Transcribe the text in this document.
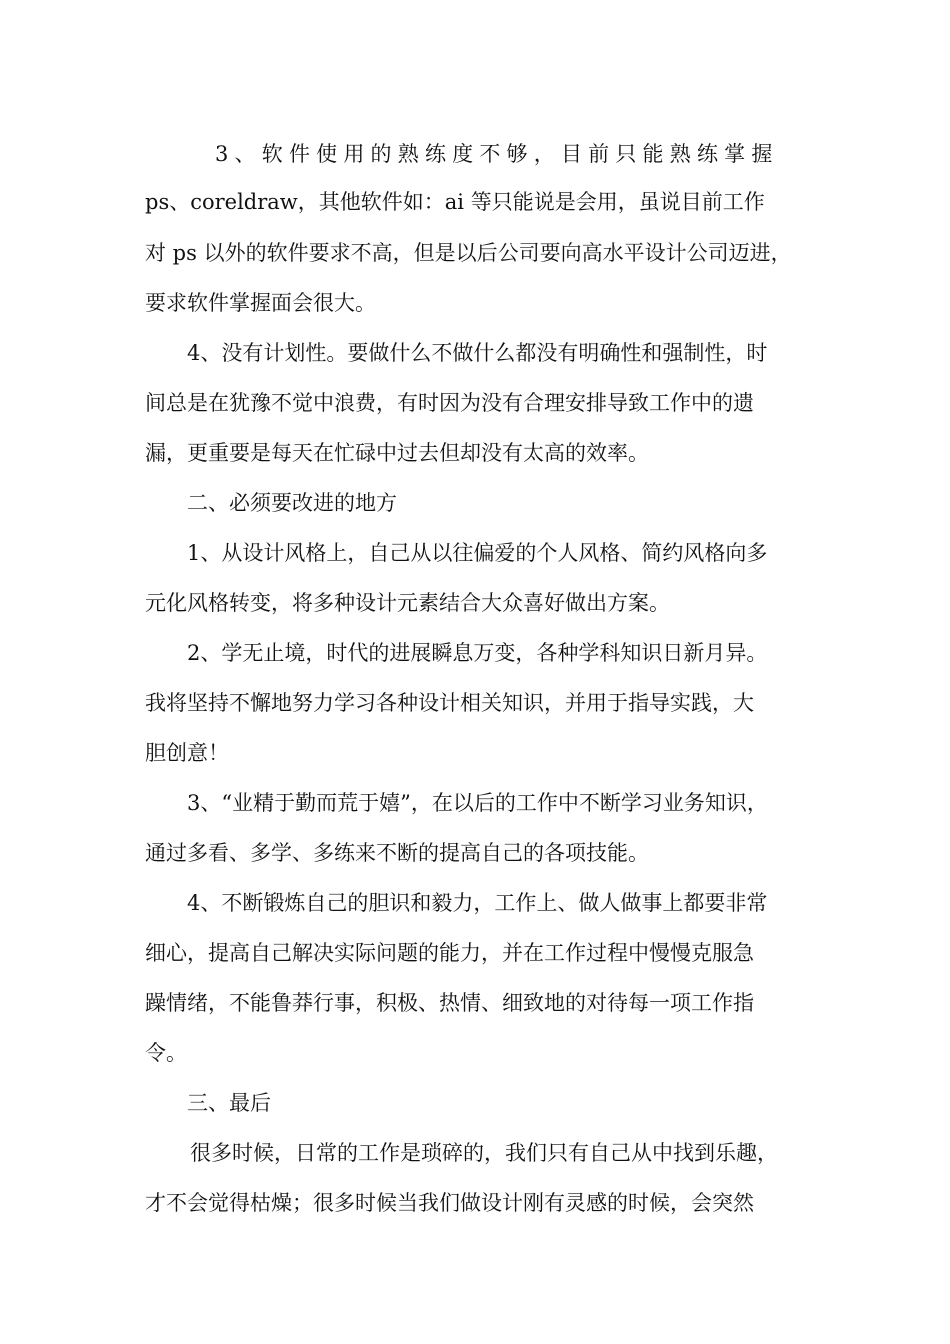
3、软件使用的熟练度不够，目前只能熟练掌握
ps、coreldraw，其他软件如：ai 等只能说是会用，虽说目前工作
对 ps 以外的软件要求不高，但是以后公司要向高水平设计公司迈进，
要求软件掌握面会很大。
4、没有计划性。要做什么不做什么都没有明确性和强制性，时
间总是在犹豫不觉中浪费，有时因为没有合理安排导致工作中的遗
漏，更重要是每天在忙碌中过去但却没有太高的效率。
二、必须要改进的地方
1、从设计风格上，自己从以往偏爱的个人风格、简约风格向多
元化风格转变，将多种设计元素结合大众喜好做出方案。
2、学无止境，时代的进展瞬息万变，各种学科知识日新月异。
我将坚持不懈地努力学习各种设计相关知识，并用于指导实践，大
胆创意！
3、“业精于勤而荒于嬉”，在以后的工作中不断学习业务知识，
通过多看、多学、多练来不断的提高自己的各项技能。
4、不断锻炼自己的胆识和毅力，工作上、做人做事上都要非常
细心，提高自己解决实际问题的能力，并在工作过程中慢慢克服急
躁情绪，不能鲁莽行事，积极、热情、细致地的对待每一项工作指
令。
三、最后
很多时候，日常的工作是琐碎的，我们只有自己从中找到乐趣，
才不会觉得枯燥；很多时候当我们做设计刚有灵感的时候，会突然
